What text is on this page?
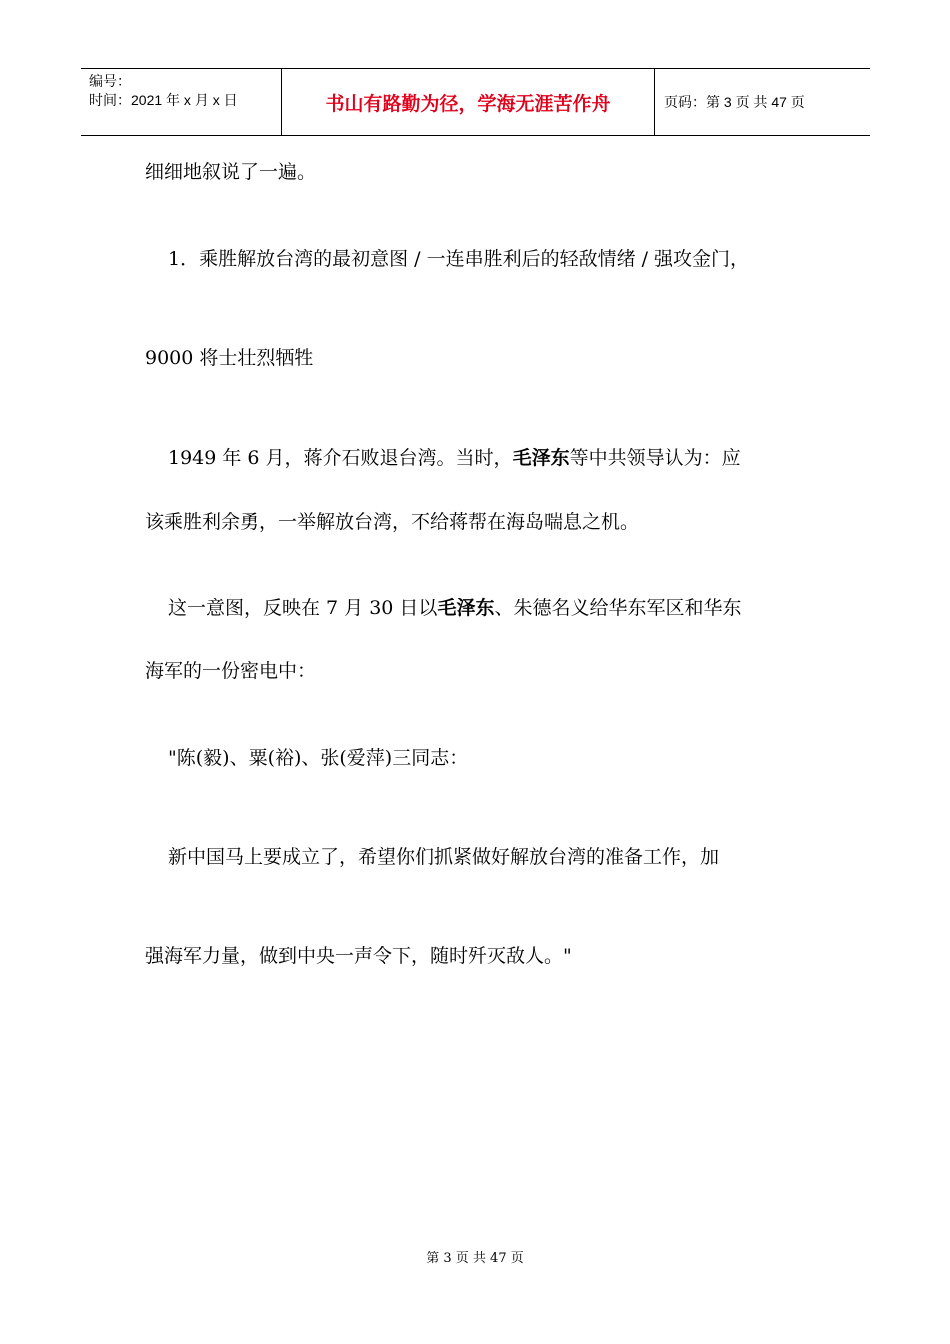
编号：
时间：2021 年 x 月 x 日	书山有路勤为径，学海无涯苦作舟	页码：第 3 页 共 47 页
细细地叙说了一遍。
1．乘胜解放台湾的最初意图 / 一连串胜利后的轻敌情绪 / 强攻金门，
9000 将士壮烈牺牲
1949 年 6 月，蒋介石败退台湾。当时，毛泽东等中共领导认为：应
该乘胜利余勇，一举解放台湾，不给蒋帮在海岛喘息之机。
这一意图，反映在 7 月 30 日以毛泽东、朱德名义给华东军区和华东
海军的一份密电中：
"陈(毅)、粟(裕)、张(爱萍)三同志：
新中国马上要成立了，希望你们抓紧做好解放台湾的准备工作，加
强海军力量，做到中央一声令下，随时歼灭敌人。"
第 3 页 共 47 页
